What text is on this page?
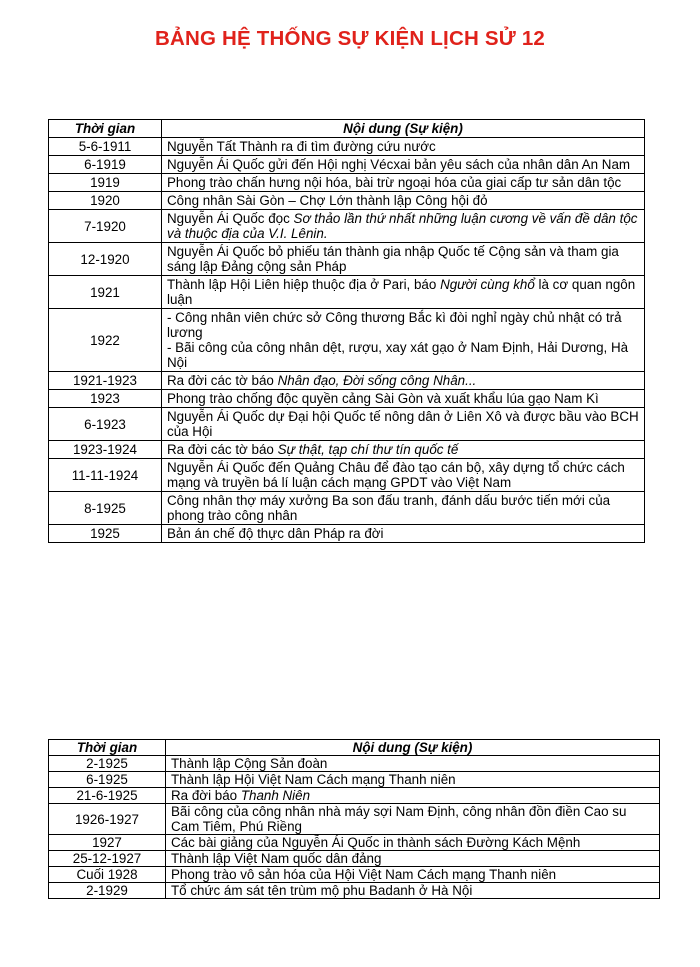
BẢNG HỆ THỐNG SỰ KIỆN LỊCH SỬ 12
Thời gian	Nội dung (Sự kiện)
5-6-1911	Nguyễn Tất Thành ra đi tìm đường cứu nước
6-1919	Nguyễn Ái Quốc gửi đến Hội nghị Vécxai bản yêu sách của nhân dân An Nam
1919	Phong trào chấn hưng nội hóa, bài trừ ngoại hóa của giai cấp tư sản dân tộc
1920	Công nhân Sài Gòn – Chợ Lớn thành lập Công hội đỏ
7-1920	Nguyễn Ái Quốc đọc Sơ thảo lần thứ nhất những luận cương về vấn đề dân tộc và thuộc địa của V.I. Lênin.
12-1920	Nguyễn Ái Quốc bỏ phiếu tán thành gia nhập Quốc tế Cộng sản và tham gia sáng lập Đảng cộng sản Pháp
1921	Thành lập Hội Liên hiệp thuộc địa ở Pari, báo Người cùng khổ là cơ quan ngôn luận
1922	- Công nhân viên chức sở Công thương Bắc kì đòi nghỉ ngày chủ nhật có trả lương
- Bãi công của công nhân dệt, rượu, xay xát gạo ở Nam Định, Hải Dương, Hà Nội
1921-1923	Ra đời các tờ báo Nhân đạo, Đời sống công Nhân...
1923	Phong trào chống độc quyền cảng Sài Gòn và xuất khẩu lúa gạo Nam Kì
6-1923	Nguyễn Ái Quốc dự Đại hội Quốc tế nông dân ở Liên Xô và được bầu vào BCH của Hội
1923-1924	Ra đời các tờ báo Sự thật, tạp chí thư tín quốc tế
11-11-1924	Nguyễn Ái Quốc đến Quảng Châu để đào tạo cán bộ, xây dựng tổ chức cách mạng và truyền bá lí luận cách mạng GPDT vào Việt Nam
8-1925	Công nhân thợ máy xưởng Ba son đấu tranh, đánh dấu bước tiến mới của phong trào công nhân
1925	Bản án chế độ thực dân Pháp ra đời
Thời gian	Nội dung (Sự kiện)
2-1925	Thành lập Cộng Sản đoàn
6-1925	Thành lập Hội Việt Nam Cách mạng Thanh niên
21-6-1925	Ra đời báo Thanh Niên
1926-1927	Bãi công của công nhân nhà máy sợi Nam Định, công nhân đồn điền Cao su Cam Tiêm, Phú Riềng
1927	Các bài giảng của Nguyễn Ái Quốc in thành sách Đường Kách Mệnh
25-12-1927	Thành lập Việt Nam quốc dân đảng
Cuối 1928	Phong trào vô sản hóa của Hội Việt Nam Cách mạng Thanh niên
2-1929	Tổ chức ám sát tên trùm mộ phu Badanh ở Hà Nội
